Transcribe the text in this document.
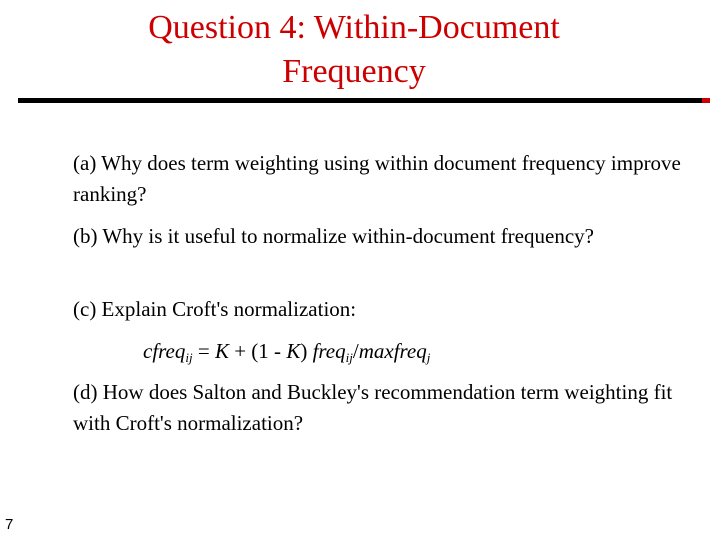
Question 4: Within-Document
Frequency

(a) Why does term weighting using within document frequency improve ranking?

(b) Why is it useful to normalize within-document frequency?

(c) Explain Croft's normalization:

cfreq$_{ij}$ = K + (1 - K) freq$_{ij}$/maxfreq$_j$

(d) How does Salton and Buckley's recommendation term weighting fit with Croft's normalization?

7
